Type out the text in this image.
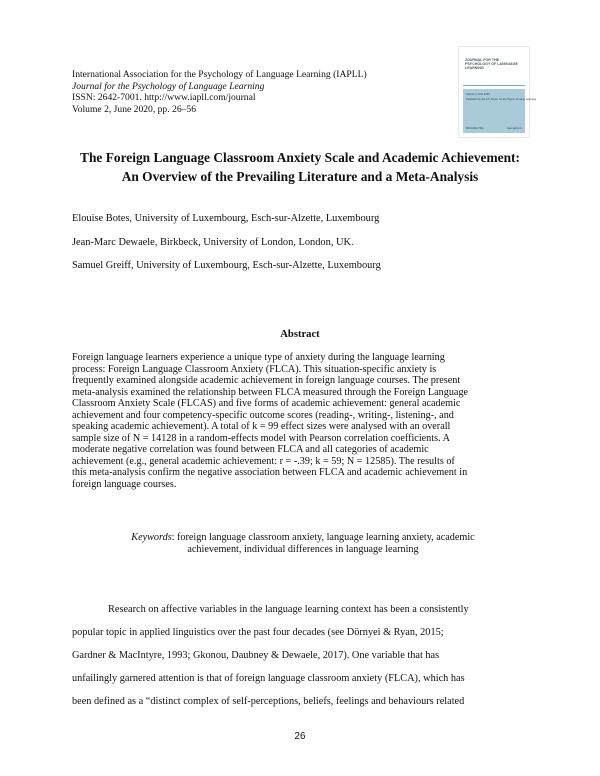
International Association for the Psychology of Language Learning (IAPLL)
Journal for the Psychology of Language Learning
ISSN: 2642-7001. http://www.iapll.com/journal
Volume 2, June 2020, pp. 26–56
JOURNAL FOR THE PSYCHOLOGY OF LANGUAGE LEARNING
Volume 2 June 2020
Published by the Intl. Assoc. for the Psych. of Lang. Learning
ISSN 2642-7001	www.iapll.com
The Foreign Language Classroom Anxiety Scale and Academic Achievement:
An Overview of the Prevailing Literature and a Meta-Analysis
Elouise Botes, University of Luxembourg, Esch-sur-Alzette, Luxembourg
Jean-Marc Dewaele, Birkbeck, University of London, London, UK.
Samuel Greiff, University of Luxembourg, Esch-sur-Alzette, Luxembourg
Abstract
Foreign language learners experience a unique type of anxiety during the language learning
process: Foreign Language Classroom Anxiety (FLCA). This situation-specific anxiety is
frequently examined alongside academic achievement in foreign language courses. The present
meta-analysis examined the relationship between FLCA measured through the Foreign Language
Classroom Anxiety Scale (FLCAS) and five forms of academic achievement: general academic
achievement and four competency-specific outcome scores (reading-, writing-, listening-, and
speaking academic achievement). A total of k = 99 effect sizes were analysed with an overall
sample size of N = 14128 in a random-effects model with Pearson correlation coefficients. A
moderate negative correlation was found between FLCA and all categories of academic
achievement (e.g., general academic achievement: r = -.39; k = 59; N = 12585). The results of
this meta-analysis confirm the negative association between FLCA and academic achievement in
foreign language courses.
Keywords: foreign language classroom anxiety, language learning anxiety, academic
achievement, individual differences in language learning
Research on affective variables in the language learning context has been a consistently
popular topic in applied linguistics over the past four decades (see Dörnyei & Ryan, 2015;
Gardner & MacIntyre, 1993; Gkonou, Daubney & Dewaele, 2017). One variable that has
unfailingly garnered attention is that of foreign language classroom anxiety (FLCA), which has
been defined as a “distinct complex of self-perceptions, beliefs, feelings and behaviours related
26
